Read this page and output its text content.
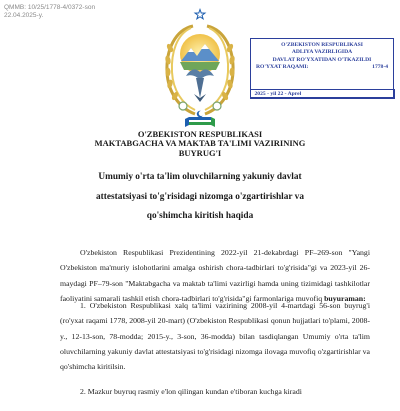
QMMB: 10/25/1778-4/0372-son
22.04.2025-y.
O'ZBEKISTON RESPUBLIKASI
ADLIYA VAZIRLIGIDA
DAVLAT RO'YXATIDAN O'TKAZILDI
RO'YXAT RAQAMI:	1778-4
2025 - yil 22 - Aprel
O'ZBEKISTON RESPUBLIKASI
MAKTABGACHA VA MAKTAB TA'LIMI VAZIRINING
BUYRUG'I
Umumiy o'rta ta'lim oluvchilarning yakuniy davlat
attestatsiyasi to'g'risidagi nizomga o'zgartirishlar va
qo'shimcha kiritish haqida
O'zbekiston Respublikasi Prezidentining 2022-yil 21-dekabrdagi PF–269-son "Yangi O'zbekiston ma'muriy islohotlarini amalga oshirish chora-tadbirlari to'g'risida"gi va 2023-yil 26-maydagi PF–79-son "Maktabgacha va maktab ta'limi vazirligi hamda uning tizimidagi tashkilotlar faoliyatini samarali tashkil etish chora-tadbirlari to'g'risida"gi farmonlariga muvofiq buyuraman:
1. O'zbekiston Respublikasi xalq ta'limi vazirining 2008-yil 4-martdagi 56-son buyrug'i (ro'yxat raqami 1778, 2008-yil 20-mart) (O'zbekiston Respublikasi qonun hujjatlari to'plami, 2008-y., 12-13-son, 78-modda; 2015-y., 3-son, 36-modda) bilan tasdiqlangan Umumiy o'rta ta'lim oluvchilarning yakuniy davlat attestatsiyasi to'g'risidagi nizomga ilovaga muvofiq o'zgartirishlar va qo'shimcha kiritilsin.
2. Mazkur buyruq rasmiy e'lon qilingan kundan e'tiboran kuchga kiradi
